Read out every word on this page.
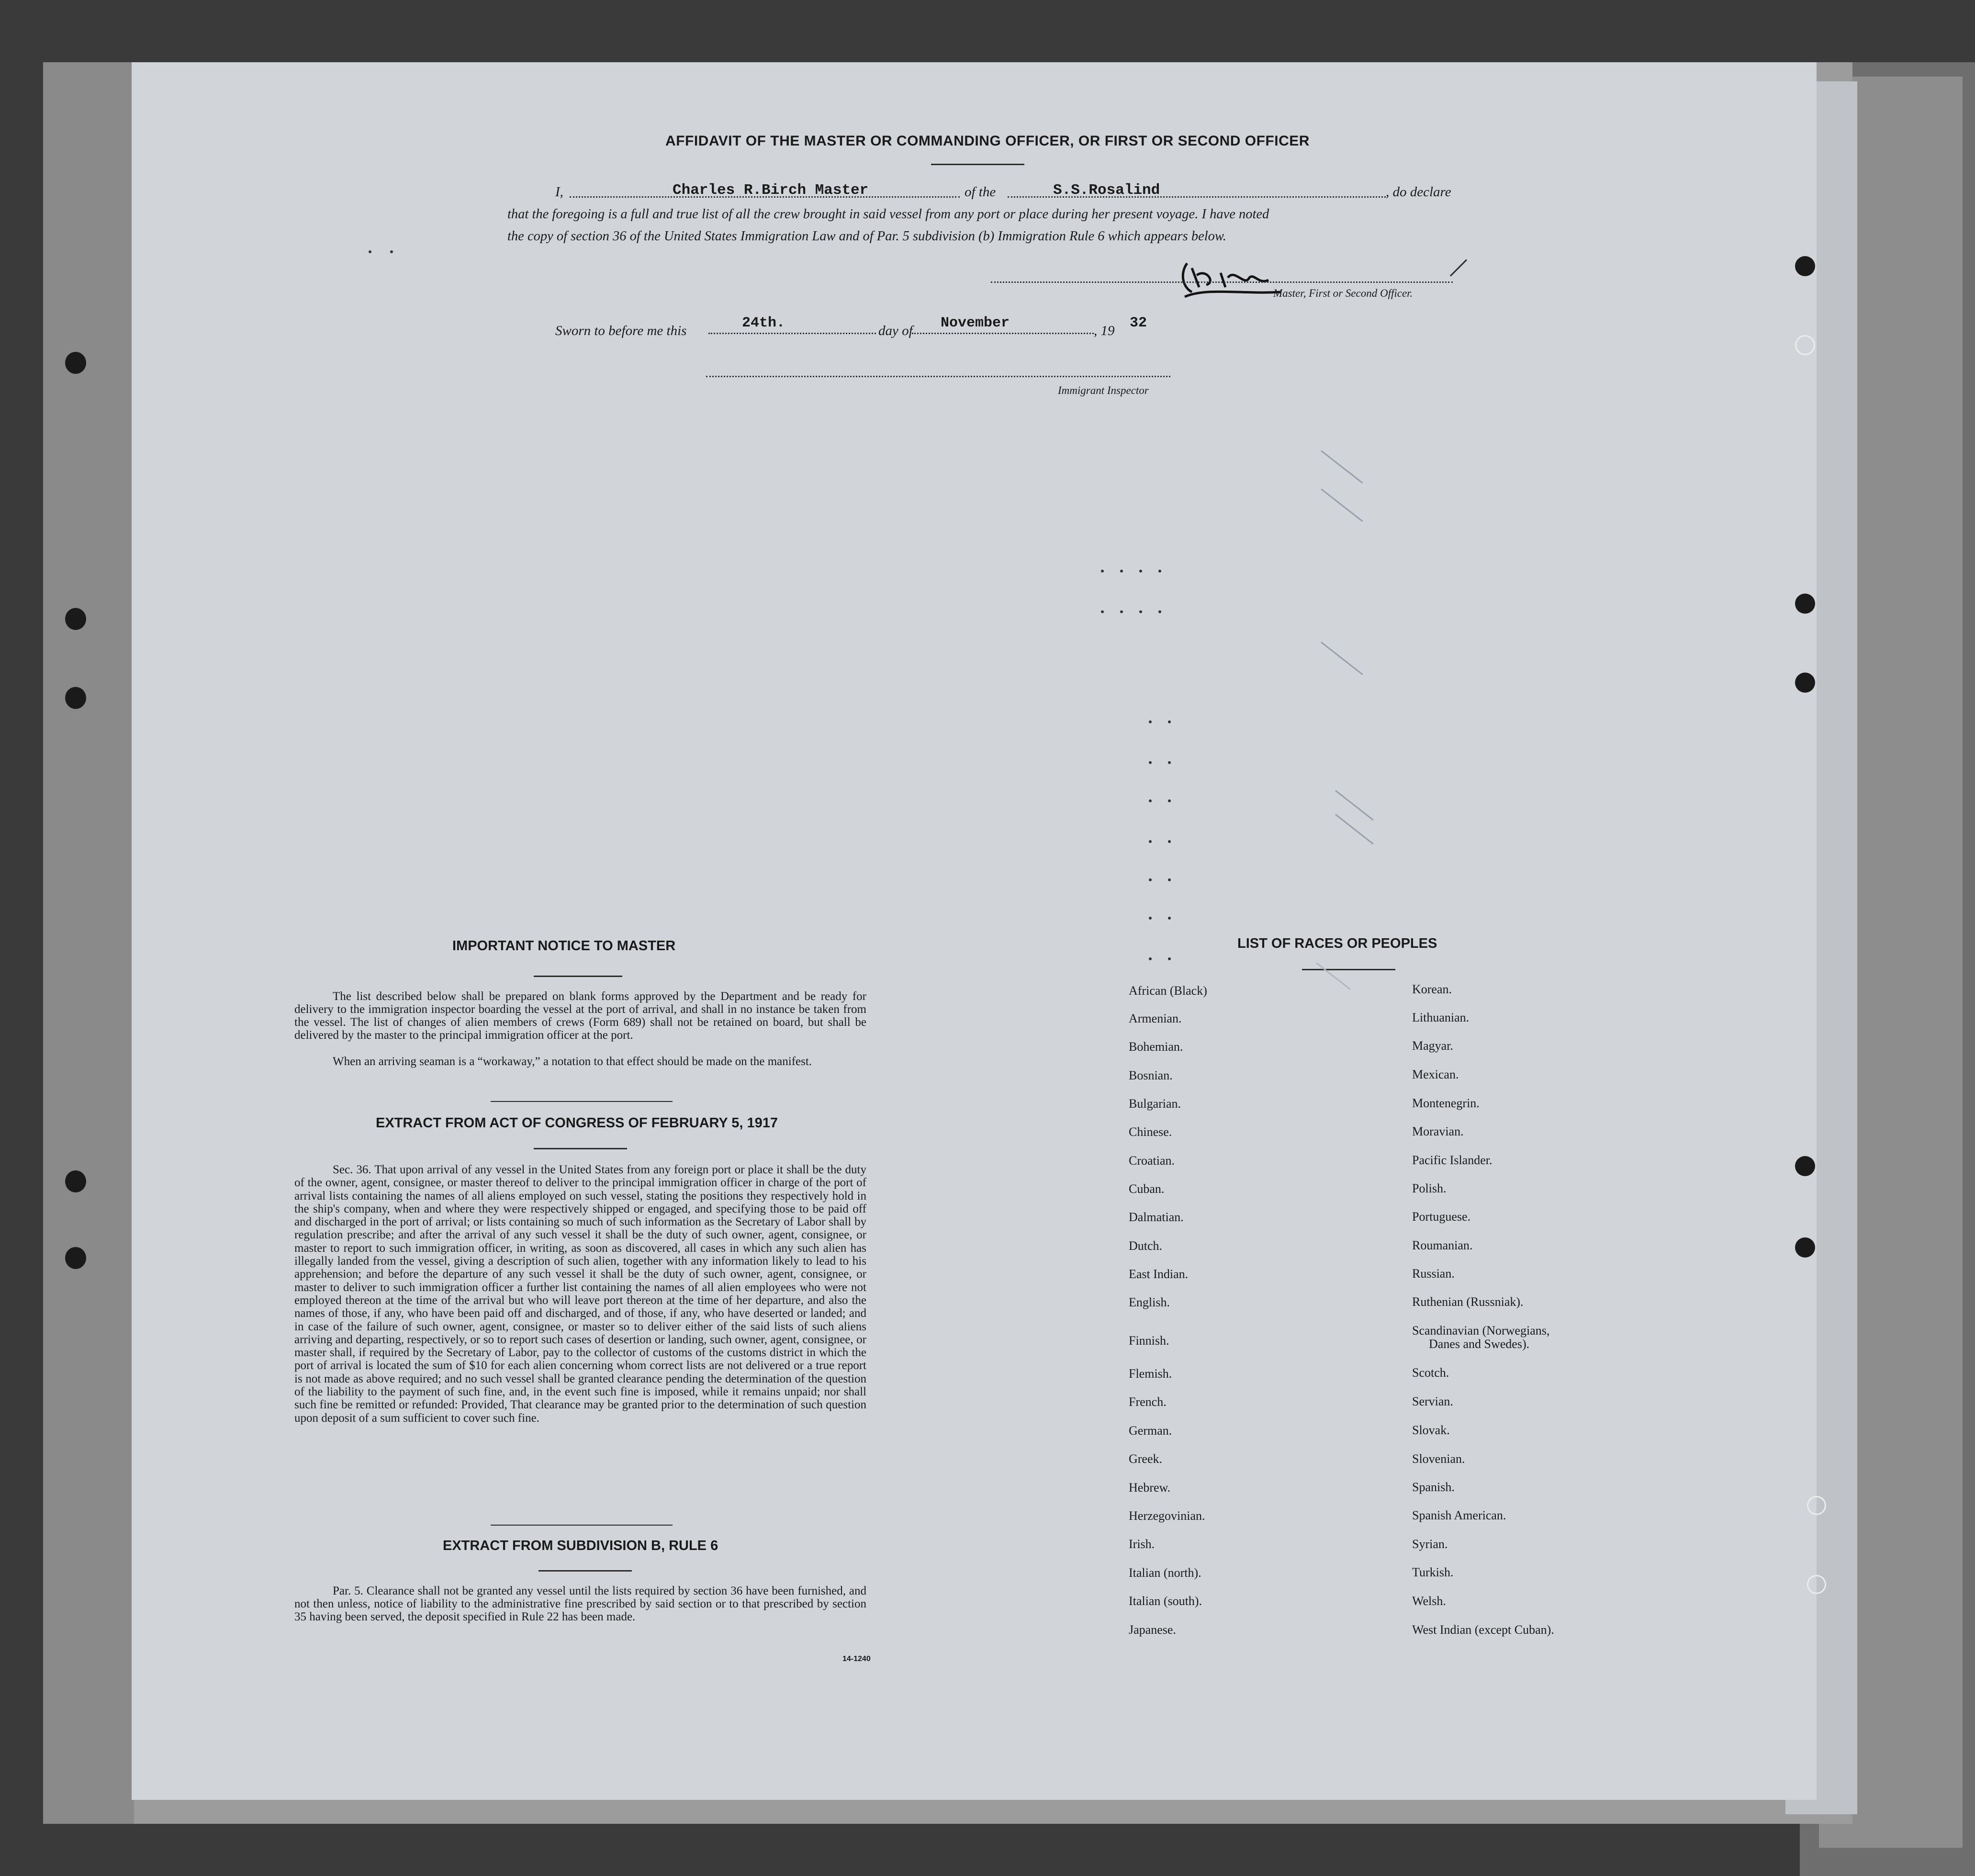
AFFIDAVIT OF THE MASTER OR COMMANDING OFFICER, OR FIRST OR SECOND OFFICER
I,	Charles R.Birch Master	of the	S.S.Rosalind	, do declare
that the foregoing is a full and true list of all the crew brought in said vessel from any port or place during her present voyage. I have noted
the copy of section 36 of the United States Immigration Law and of Par. 5 subdivision (b) Immigration Rule 6 which appears below.
Master, First or Second Officer.
Sworn to before me this	24th.	day of November	, 19 32
Immigrant Inspector
IMPORTANT NOTICE TO MASTER
The list described below shall be prepared on blank forms approved by the Department and be ready for delivery to the immigration inspector boarding the vessel at the port of arrival, and shall in no instance be taken from the vessel. The list of changes of alien members of crews (Form 689) shall not be retained on board, but shall be delivered by the master to the principal immigration officer at the port.
When an arriving seaman is a “workaway,” a notation to that effect should be made on the manifest.
EXTRACT FROM ACT OF CONGRESS OF FEBRUARY 5, 1917
Sec. 36. That upon arrival of any vessel in the United States from any foreign port or place it shall be the duty of the owner, agent, consignee, or master thereof to deliver to the principal immigration officer in charge of the port of arrival lists containing the names of all aliens employed on such vessel, stating the positions they respectively hold in the ship's company, when and where they were respectively shipped or engaged, and specifying those to be paid off and discharged in the port of arrival; or lists containing so much of such information as the Secretary of Labor shall by regulation prescribe; and after the arrival of any such vessel it shall be the duty of such owner, agent, consignee, or master to report to such immigration officer, in writing, as soon as discovered, all cases in which any such alien has illegally landed from the vessel, giving a description of such alien, together with any information likely to lead to his apprehension; and before the departure of any such vessel it shall be the duty of such owner, agent, consignee, or master to deliver to such immigration officer a further list containing the names of all alien employees who were not employed thereon at the time of the arrival but who will leave port thereon at the time of her departure, and also the names of those, if any, who have been paid off and discharged, and of those, if any, who have deserted or landed; and in case of the failure of such owner, agent, consignee, or master so to deliver either of the said lists of such aliens arriving and departing, respectively, or so to report such cases of desertion or landing, such owner, agent, consignee, or master shall, if required by the Secretary of Labor, pay to the collector of customs of the customs district in which the port of arrival is located the sum of $10 for each alien concerning whom correct lists are not delivered or a true report is not made as above required; and no such vessel shall be granted clearance pending the determination of the question of the liability to the payment of such fine, and, in the event such fine is imposed, while it remains unpaid; nor shall such fine be remitted or refunded: Provided, That clearance may be granted prior to the determination of such question upon deposit of a sum sufficient to cover such fine.
EXTRACT FROM SUBDIVISION B, RULE 6
Par. 5. Clearance shall not be granted any vessel until the lists required by section 36 have been furnished, and not then unless, notice of liability to the administrative fine prescribed by said section or to that prescribed by section 35 having been served, the deposit specified in Rule 22 has been made.
14-1240
LIST OF RACES OR PEOPLES
African (Black)
Armenian.
Bohemian.
Bosnian.
Bulgarian.
Chinese.
Croatian.
Cuban.
Dalmatian.
Dutch.
East Indian.
English.
Finnish.
Flemish.
French.
German.
Greek.
Hebrew.
Herzegovinian.
Irish.
Italian (north).
Italian (south).
Japanese.
Korean.
Lithuanian.
Magyar.
Mexican.
Montenegrin.
Moravian.
Pacific Islander.
Polish.
Portuguese.
Roumanian.
Russian.
Ruthenian (Russniak).
Scandinavian (Norwegians,
Danes and Swedes).
Scotch.
Servian.
Slovak.
Slovenian.
Spanish.
Spanish American.
Syrian.
Turkish.
Welsh.
West Indian (except Cuban).
